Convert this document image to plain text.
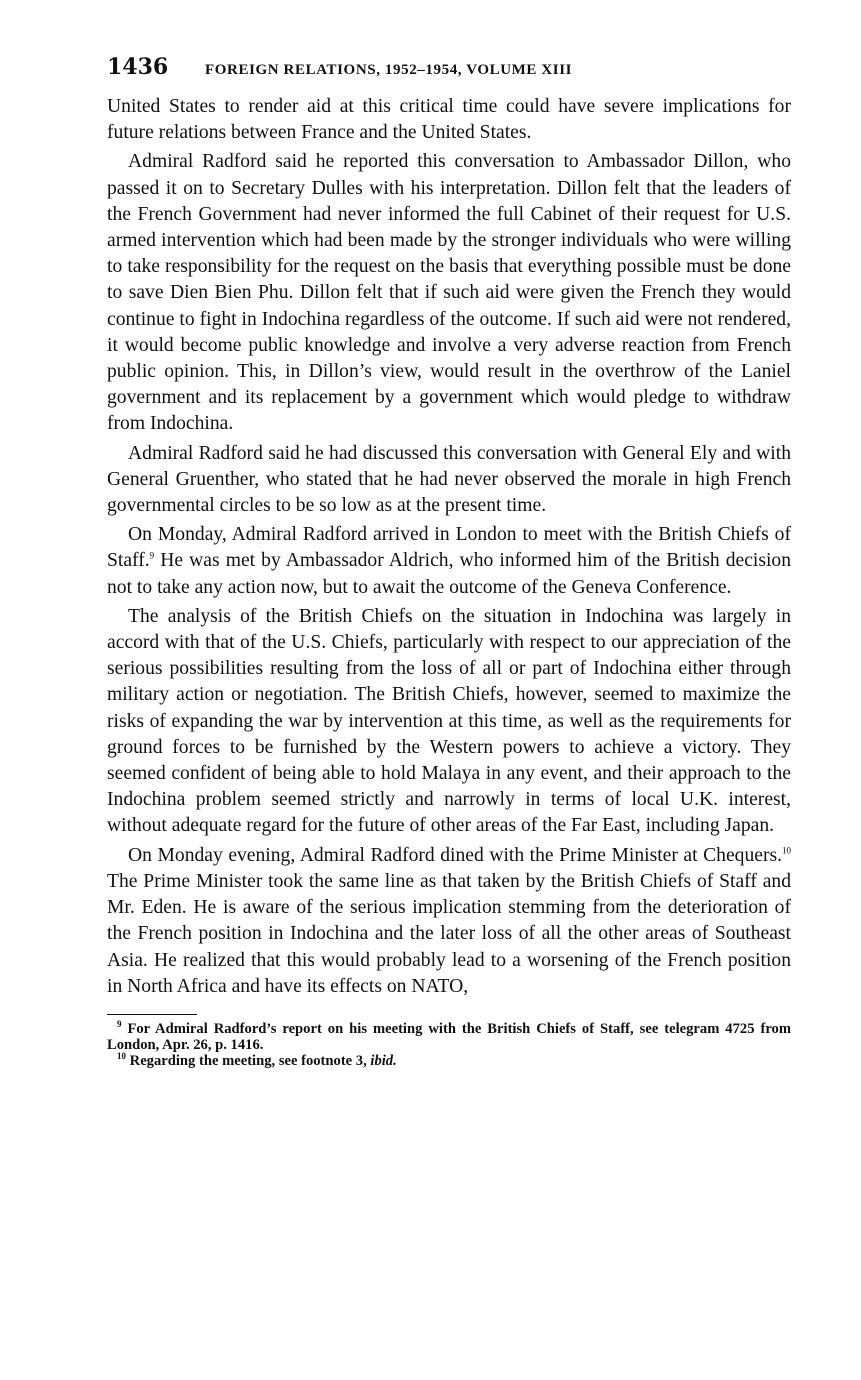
1436	FOREIGN RELATIONS, 1952–1954, VOLUME XIII

United States to render aid at this critical time could have severe implications for future relations between France and the United States.

Admiral Radford said he reported this conversation to Ambassador Dillon, who passed it on to Secretary Dulles with his interpretation. Dillon felt that the leaders of the French Government had never informed the full Cabinet of their request for U.S. armed intervention which had been made by the stronger individuals who were willing to take responsibility for the request on the basis that everything possible must be done to save Dien Bien Phu. Dillon felt that if such aid were given the French they would continue to fight in Indochina regardless of the outcome. If such aid were not rendered, it would become public knowledge and involve a very adverse reaction from French public opinion. This, in Dillon’s view, would result in the overthrow of the Laniel government and its replacement by a government which would pledge to withdraw from Indochina.

Admiral Radford said he had discussed this conversation with General Ely and with General Gruenther, who stated that he had never observed the morale in high French governmental circles to be so low as at the present time.

On Monday, Admiral Radford arrived in London to meet with the British Chiefs of Staff.$^9$ He was met by Ambassador Aldrich, who informed him of the British decision not to take any action now, but to await the outcome of the Geneva Conference.

The analysis of the British Chiefs on the situation in Indochina was largely in accord with that of the U.S. Chiefs, particularly with respect to our appreciation of the serious possibilities resulting from the loss of all or part of Indochina either through military action or negotiation. The British Chiefs, however, seemed to maximize the risks of expanding the war by intervention at this time, as well as the requirements for ground forces to be furnished by the Western powers to achieve a victory. They seemed confident of being able to hold Malaya in any event, and their approach to the Indochina problem seemed strictly and narrowly in terms of local U.K. interest, without adequate regard for the future of other areas of the Far East, including Japan.

On Monday evening, Admiral Radford dined with the Prime Minister at Chequers.$^{10}$ The Prime Minister took the same line as that taken by the British Chiefs of Staff and Mr. Eden. He is aware of the serious implication stemming from the deterioration of the French position in Indochina and the later loss of all the other areas of Southeast Asia. He realized that this would probably lead to a worsening of the French position in North Africa and have its effects on NATO,

$^9$ For Admiral Radford’s report on his meeting with the British Chiefs of Staff, see telegram 4725 from London, Apr. 26, p. 1416.

$^{10}$ Regarding the meeting, see footnote 3, ibid.
